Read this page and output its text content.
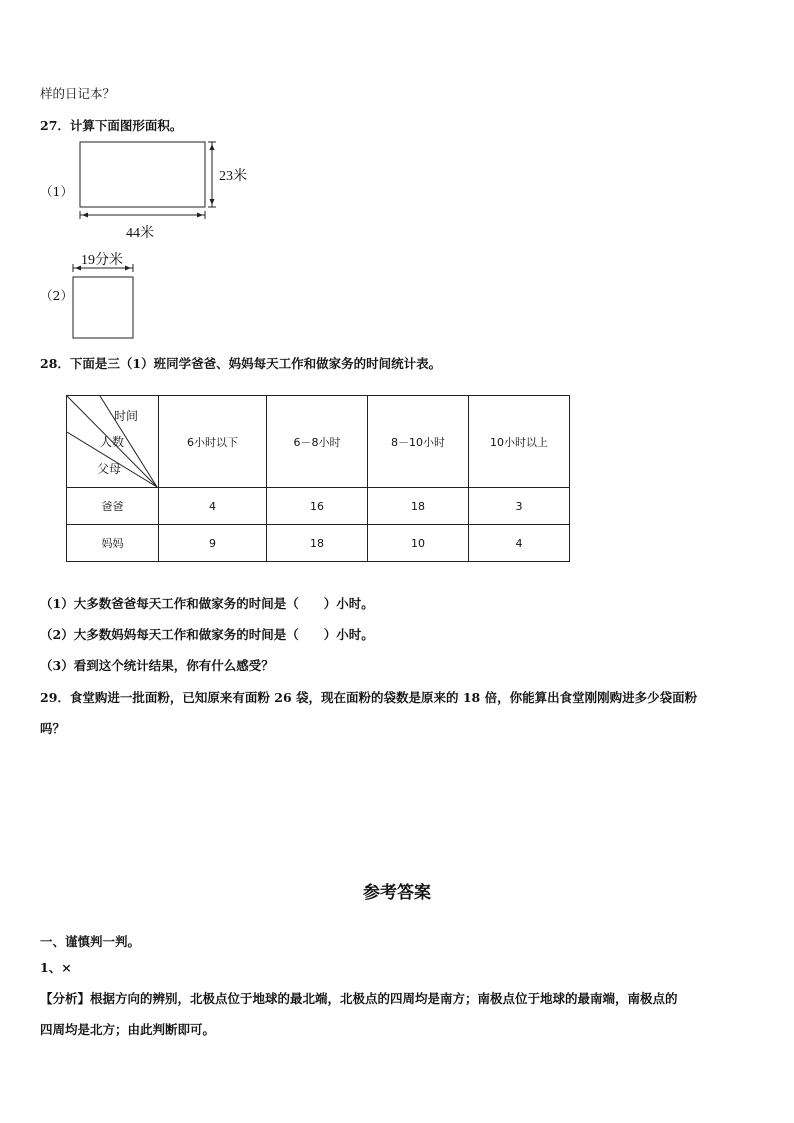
样的日记本？
27．计算下面图形面积。
（1）
23米
44米
19分米
（2）
28．下面是三（1）班同学爸爸、妈妈每天工作和做家务的时间统计表。
时间
人数
父母	6小时以下	6－8小时	8－10小时	10小时以上
爸爸	4	16	18	3
妈妈	9	18	10	4
（1）大多数爸爸每天工作和做家务的时间是（　　）小时。
（2）大多数妈妈每天工作和做家务的时间是（　　）小时。
（3）看到这个统计结果，你有什么感受？
29．食堂购进一批面粉，已知原来有面粉 26 袋，现在面粉的袋数是原来的 18 倍，你能算出食堂刚刚购进多少袋面粉
吗？
参考答案
一、谨慎判一判。
1、×
【分析】根据方向的辨别，北极点位于地球的最北端，北极点的四周均是南方；南极点位于地球的最南端，南极点的
四周均是北方；由此判断即可。
